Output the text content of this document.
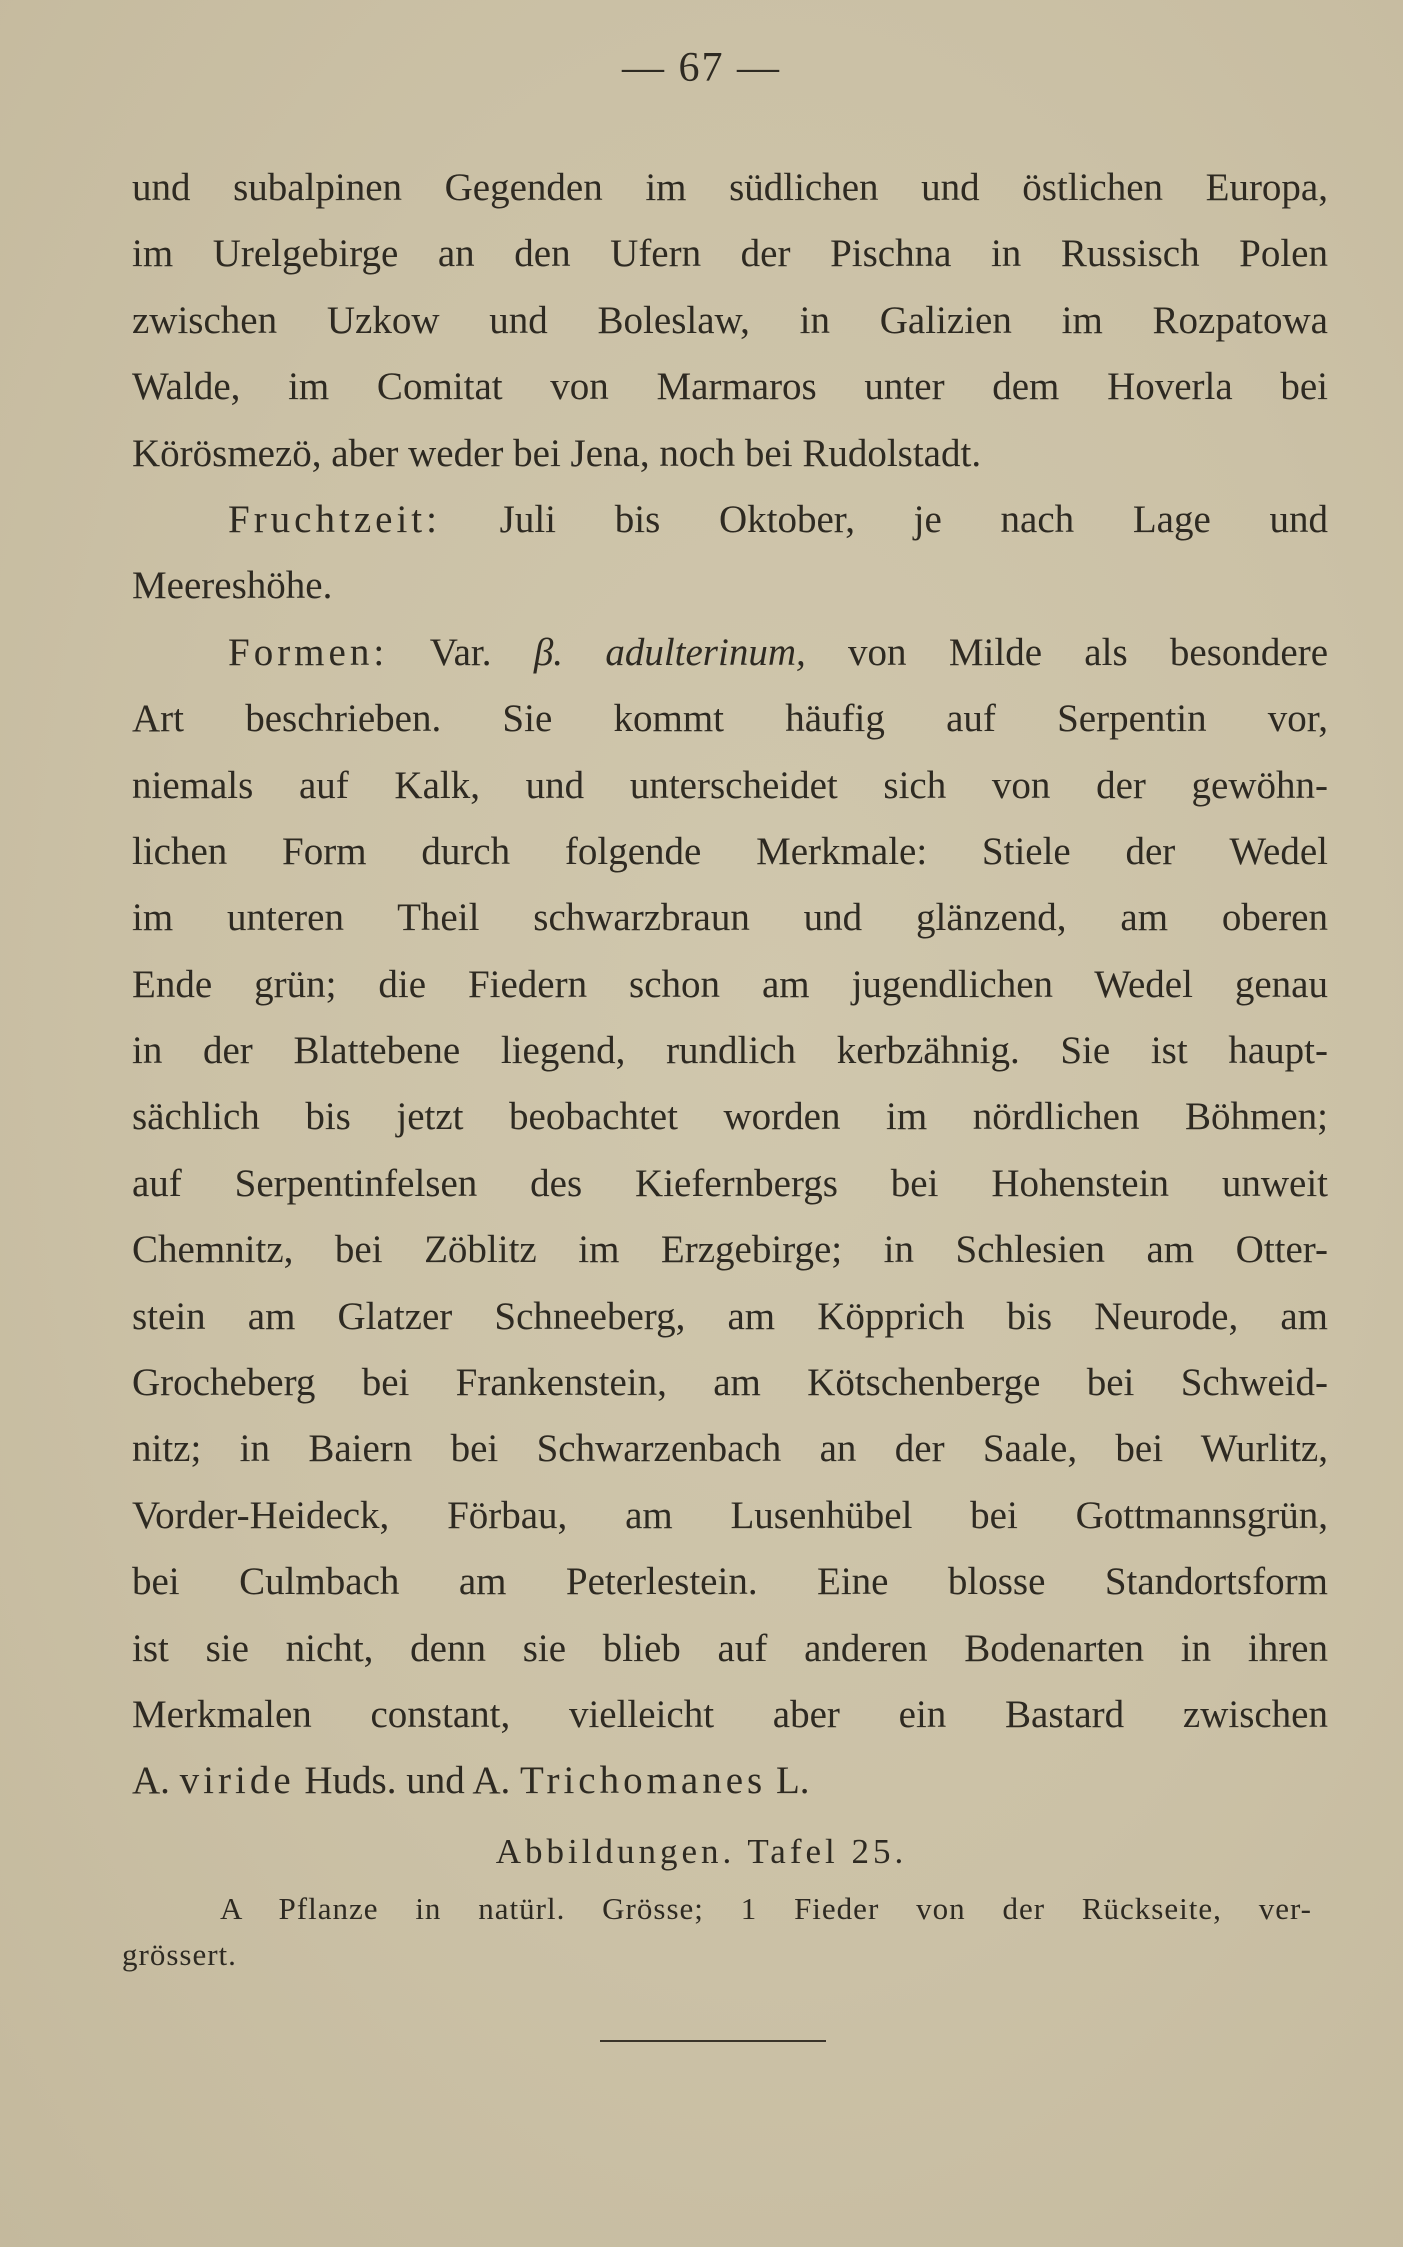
— 67 —
und subalpinen Gegenden im südlichen und östlichen Europa,
im Urelgebirge an den Ufern der Pischna in Russisch Polen
zwischen Uzkow und Boleslaw, in Galizien im Rozpatowa
Walde, im Comitat von Marmaros unter dem Hoverla bei
Körösmezö, aber weder bei Jena, noch bei Rudolstadt.
Fruchtzeit: Juli bis Oktober, je nach Lage und
Meereshöhe.
Formen: Var. β. adulterinum, von Milde als besondere
Art beschrieben. Sie kommt häufig auf Serpentin vor,
niemals auf Kalk, und unterscheidet sich von der gewöhn-
lichen Form durch folgende Merkmale: Stiele der Wedel
im unteren Theil schwarzbraun und glänzend, am oberen
Ende grün; die Fiedern schon am jugendlichen Wedel genau
in der Blattebene liegend, rundlich kerbzähnig. Sie ist haupt-
sächlich bis jetzt beobachtet worden im nördlichen Böhmen;
auf Serpentinfelsen des Kiefernbergs bei Hohenstein unweit
Chemnitz, bei Zöblitz im Erzgebirge; in Schlesien am Otter-
stein am Glatzer Schneeberg, am Köpprich bis Neurode, am
Grocheberg bei Frankenstein, am Kötschenberge bei Schweid-
nitz; in Baiern bei Schwarzenbach an der Saale, bei Wurlitz,
Vorder-Heideck, Förbau, am Lusenhübel bei Gottmannsgrün,
bei Culmbach am Peterlestein. Eine blosse Standortsform
ist sie nicht, denn sie blieb auf anderen Bodenarten in ihren
Merkmalen constant, vielleicht aber ein Bastard zwischen
A. viride Huds. und A. Trichomanes L.
Abbildungen. Tafel 25.
A Pflanze in natürl. Grösse; 1 Fieder von der Rückseite, ver-
grössert.
